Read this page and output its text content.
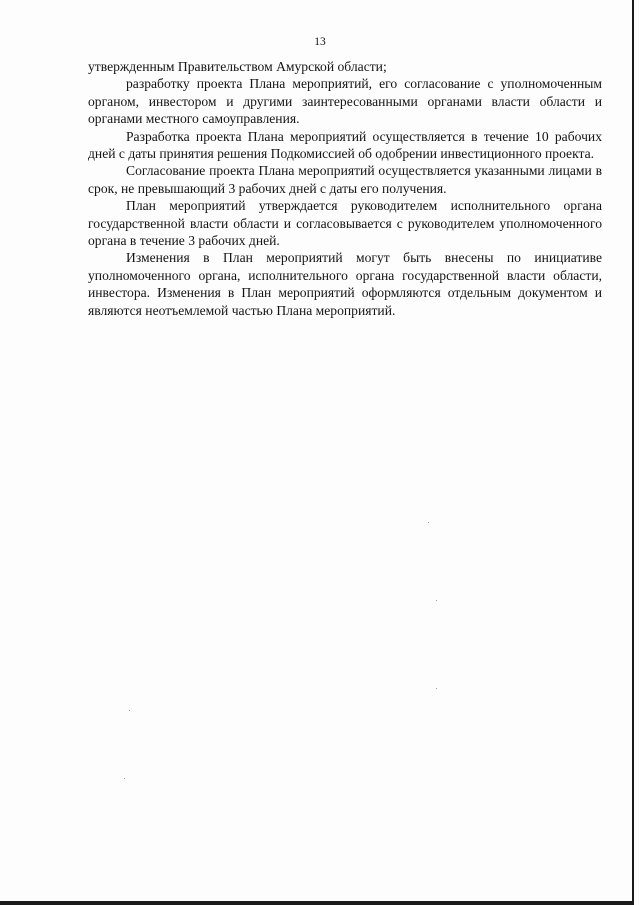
13

утвержденным Правительством Амурской области;

разработку проекта Плана мероприятий, его согласование с уполномоченным органом, инвестором и другими заинтересованными органами власти области и органами местного самоуправления.

Разработка проекта Плана мероприятий осуществляется в течение 10 рабочих дней с даты принятия решения Подкомиссией об одобрении инвестиционного проекта.

Согласование проекта Плана мероприятий осуществляется указанными лицами в срок, не превышающий 3 рабочих дней с даты его получения.

План мероприятий утверждается руководителем исполнительного органа государственной власти области и согласовывается с руководителем уполномоченного органа в течение 3 рабочих дней.

Изменения в План мероприятий могут быть внесены по инициативе уполномоченного органа, исполнительного органа государственной власти области, инвестора. Изменения в План мероприятий оформляются отдельным документом и являются неотъемлемой частью Плана мероприятий.
